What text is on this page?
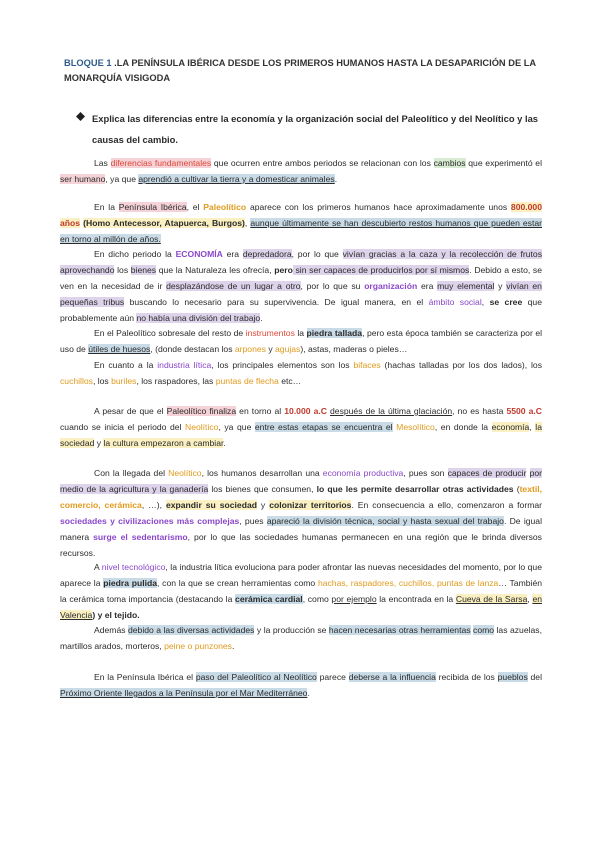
BLOQUE 1 .LA PENÍNSULA IBÉRICA DESDE LOS PRIMEROS HUMANOS HASTA LA DESAPARICIÓN DE LA MONARQUÍA VISIGODA
Explica las diferencias entre la economía y la organización social del Paleolítico y del Neolítico y las causas del cambio.
Las diferencias fundamentales que ocurren entre ambos periodos se relacionan con los cambios que experimentó el ser humano, ya que aprendió a cultivar la tierra y a domesticar animales.
En la Península Ibérica, el Paleolítico aparece con los primeros humanos hace aproximadamente unos 800.000 años (Homo Antecessor, Atapuerca, Burgos), aunque últimamente se han descubierto restos humanos que pueden estar en torno al millón de años.
En dicho periodo la ECONOMÍA era depredadora, por lo que vivían gracias a la caza y la recolección de frutos aprovechando los bienes que la Naturaleza les ofrecía, pero sin ser capaces de producirlos por sí mismos. Debido a esto, se ven en la necesidad de ir desplazándose de un lugar a otro, por lo que su organización era muy elemental y vivían en pequeñas tribus buscando lo necesario para su supervivencia. De igual manera, en el ámbito social, se cree que probablemente aún no había una división del trabajo.
En el Paleolítico sobresale del resto de instrumentos la piedra tallada, pero esta época también se caracteriza por el uso de útiles de huesos, (donde destacan los arpones y agujas), astas, maderas o pieles…
En cuanto a la industria lítica, los principales elementos son los bifaces (hachas talladas por los dos lados), los cuchillos, los buriles, los raspadores, las puntas de flecha etc…
A pesar de que el Paleolítico finaliza en torno al 10.000 a.C después de la última glaciación, no es hasta 5500 a.C cuando se inicia el periodo del Neolítico, ya que entre estas etapas se encuentra el Mesolítico, en donde la economía, la sociedad y la cultura empezaron a cambiar.
Con la llegada del Neolítico, los humanos desarrollan una economía productiva, pues son capaces de producir por medio de la agricultura y la ganadería los bienes que consumen, lo que les permite desarrollar otras actividades (textil, comercio, cerámica, …), expandir su sociedad y colonizar territorios. En consecuencia a ello, comenzaron a formar sociedades y civilizaciones más complejas, pues apareció la división técnica, social y hasta sexual del trabajo. De igual manera surge el sedentarismo, por lo que las sociedades humanas permanecen en una región que le brinda diversos recursos.
A nivel tecnológico, la industria lítica evoluciona para poder afrontar las nuevas necesidades del momento, por lo que aparece la piedra pulida, con la que se crean herramientas como hachas, raspadores, cuchillos, puntas de lanza… También la cerámica toma importancia (destacando la cerámica cardial, como por ejemplo la encontrada en la Cueva de la Sarsa, en Valencia) y el tejido.
Además debido a las diversas actividades y la producción se hacen necesarias otras herramientas como las azuelas, martillos arados, morteros, peine o punzones.
En la Península Ibérica el paso del Paleolítico al Neolítico parece deberse a la influencia recibida de los pueblos del Próximo Oriente llegados a la Península por el Mar Mediterráneo.
